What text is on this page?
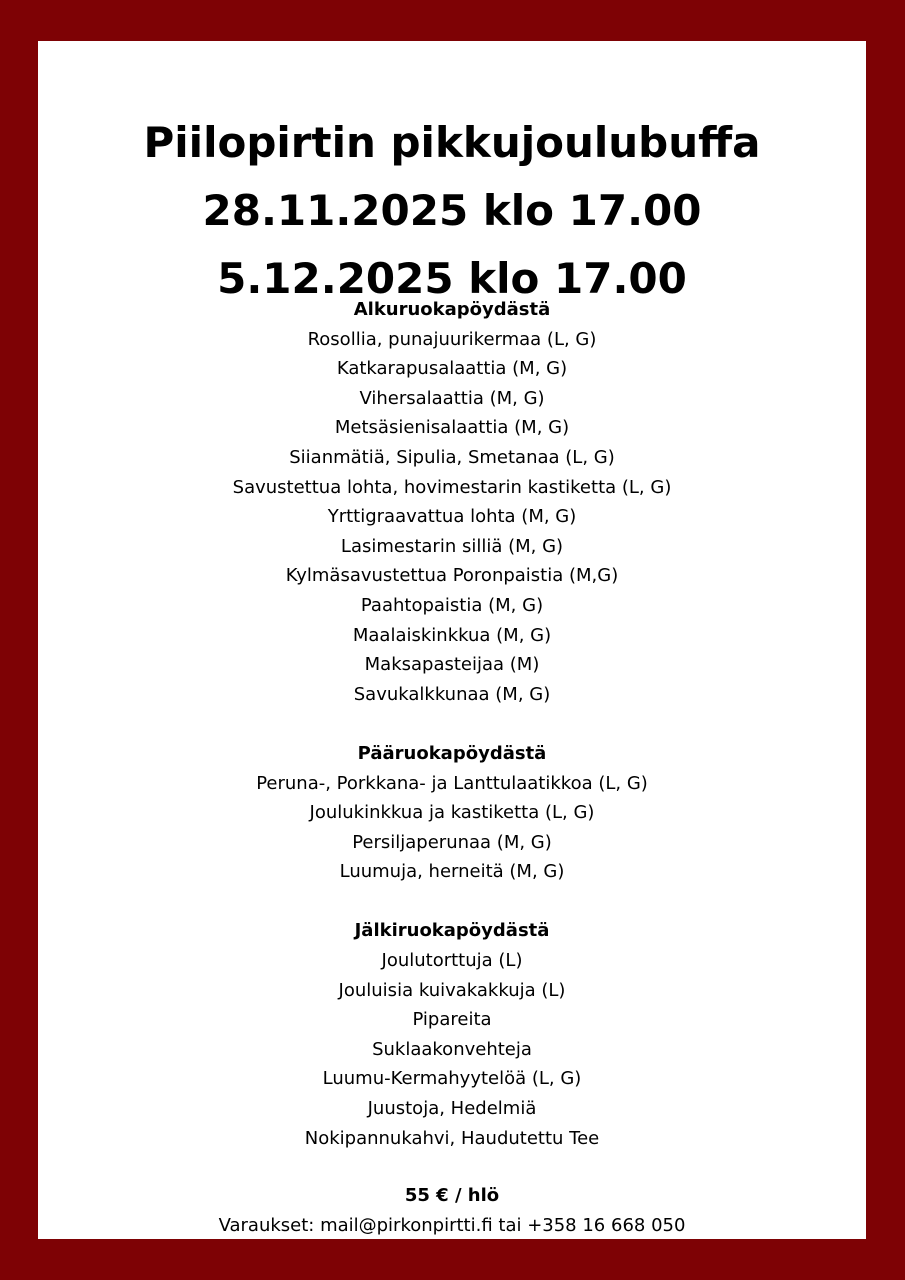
Piilopirtin pikkujoulubuffa
28.11.2025 klo 17.00
5.12.2025 klo 17.00
Alkuruokapöydästä
Rosollia, punajuurikermaa (L, G)
Katkarapusalaattia (M, G)
Vihersalaattia (M, G)
Metsäsienisalaattia (M, G)
Siianmätiä, Sipulia, Smetanaa (L, G)
Savustettua lohta, hovimestarin kastiketta (L, G)
Yrttigraavattua lohta (M, G)
Lasimestarin silliä (M, G)
Kylmäsavustettua Poronpaistia (M,G)
Paahtopaistia (M, G)
Maalaiskinkkua (M, G)
Maksapasteijaa (M)
Savukalkkunaa (M, G)
Pääruokapöydästä
Peruna-, Porkkana- ja Lanttulaatikkoa (L, G)
Joulukinkkua ja kastiketta (L, G)
Persiljaperunaa (M, G)
Luumuja, herneitä (M, G)
Jälkiruokapöydästä
Joulutorttuja (L)
Jouluisia kuivakakkuja (L)
Pipareita
Suklaakonvehteja
Luumu-Kermahyytelöä (L, G)
Juustoja, Hedelmiä
Nokipannukahvi, Haudutettu Tee
55 € / hlö
Varaukset: mail@pirkonpirtti.fi tai +358 16 668 050
